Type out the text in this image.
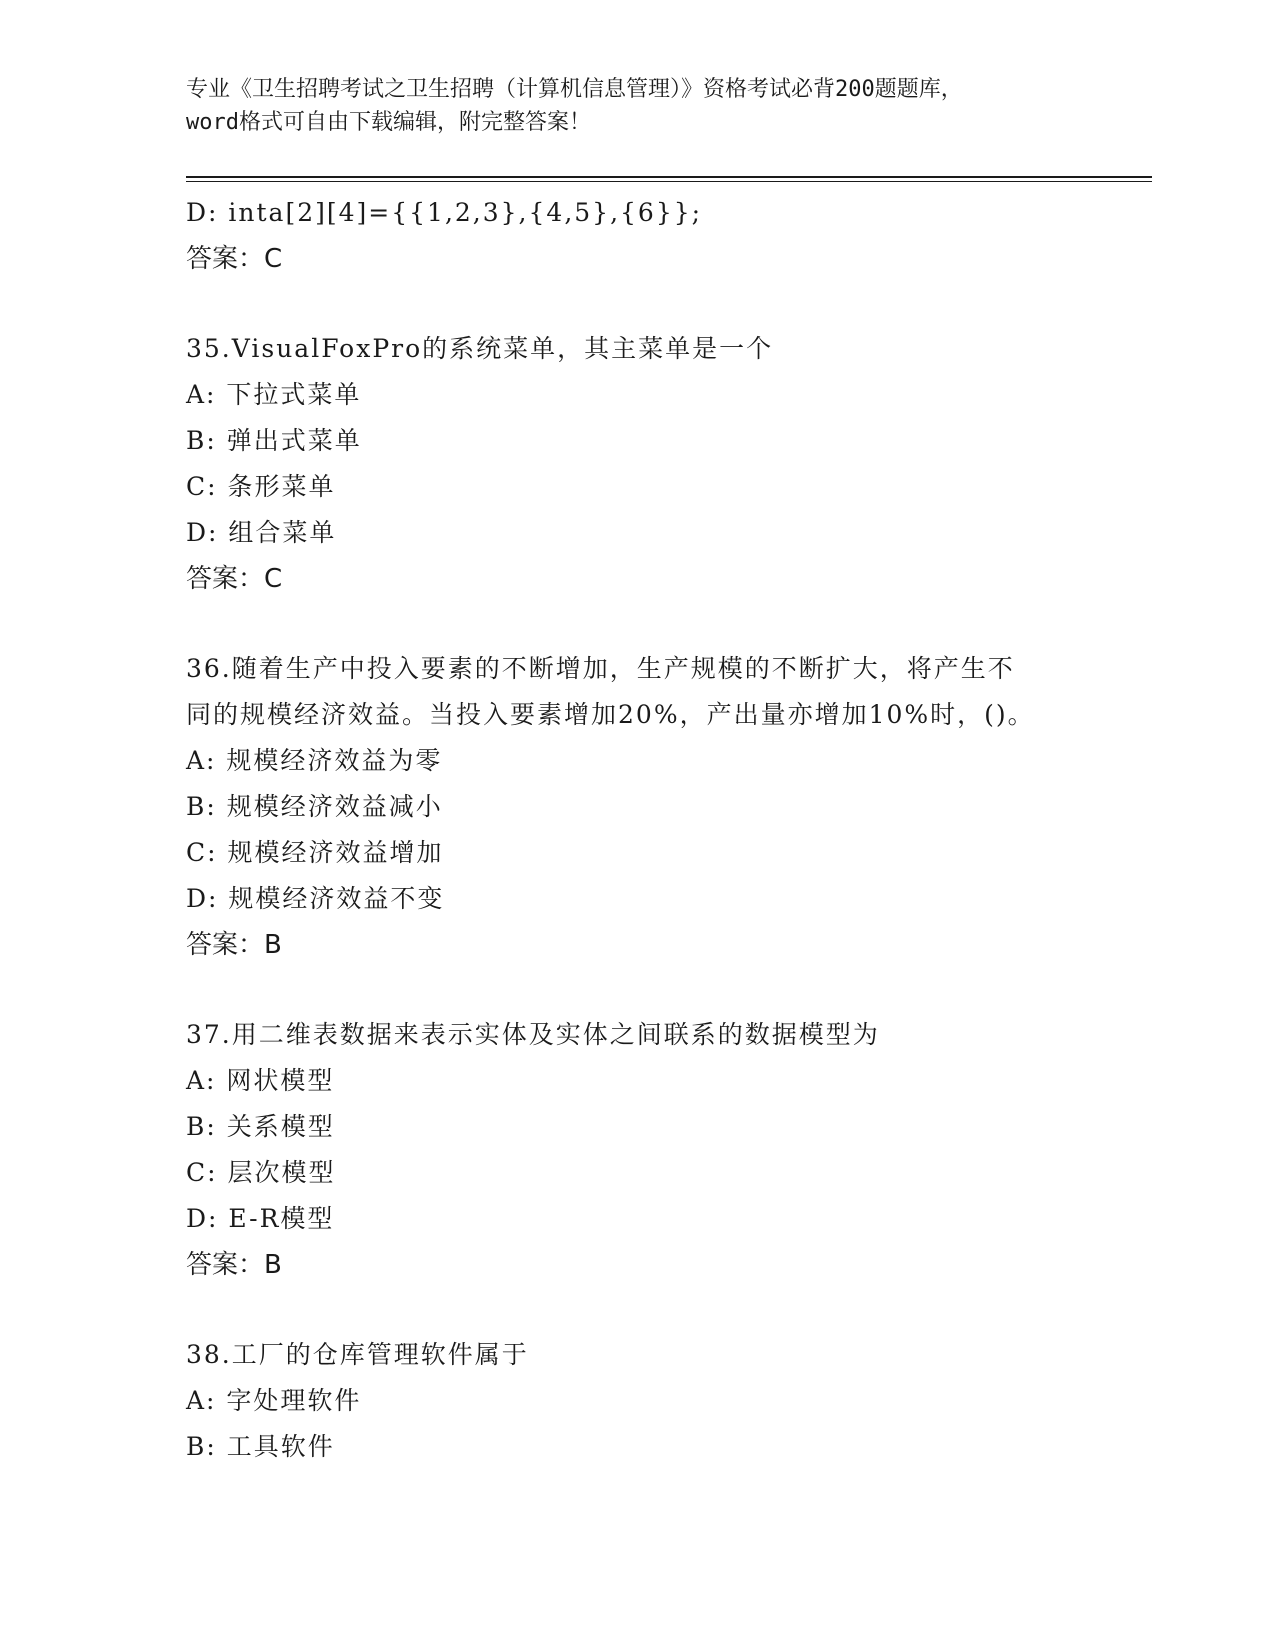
专业《卫生招聘考试之卫生招聘（计算机信息管理）》资格考试必背200题题库，
word格式可自由下载编辑，附完整答案！
D: inta[2][4]={{1,2,3},{4,5},{6}};
答案：C
35.VisualFoxPro的系统菜单，其主菜单是一个
A: 下拉式菜单
B: 弹出式菜单
C: 条形菜单
D: 组合菜单
答案：C
36.随着生产中投入要素的不断增加，生产规模的不断扩大，将产生不
同的规模经济效益。当投入要素增加20%，产出量亦增加10%时，()。
A: 规模经济效益为零
B: 规模经济效益减小
C: 规模经济效益增加
D: 规模经济效益不变
答案：B
37.用二维表数据来表示实体及实体之间联系的数据模型为
A: 网状模型
B: 关系模型
C: 层次模型
D: E-R模型
答案：B
38.工厂的仓库管理软件属于
A: 字处理软件
B: 工具软件
